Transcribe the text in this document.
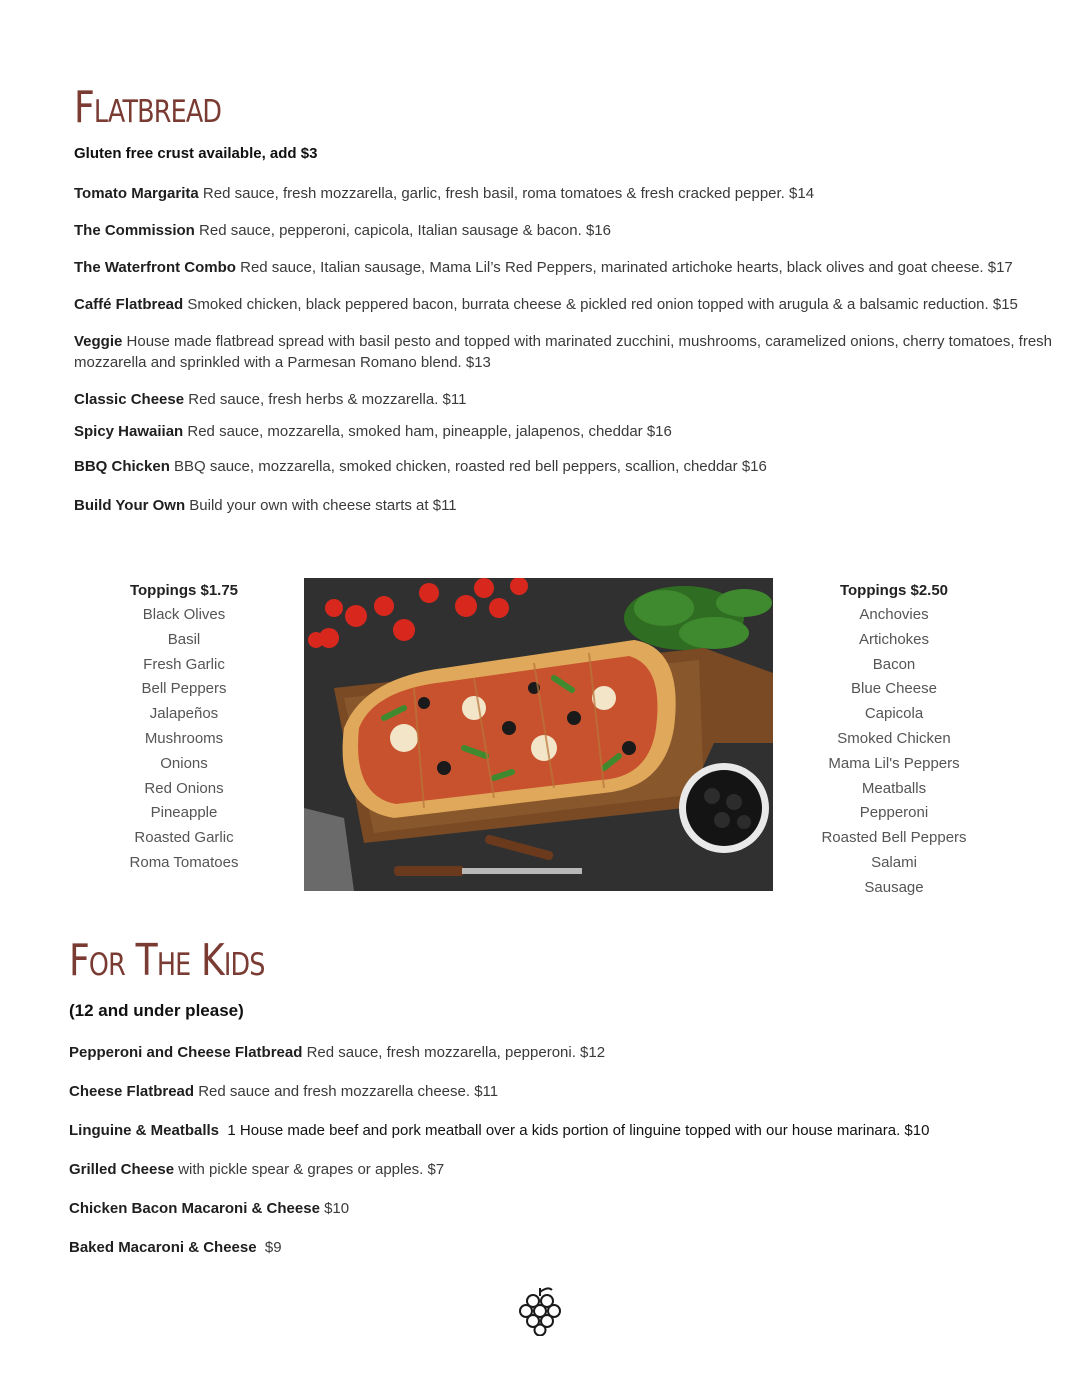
Flatbread

Gluten free crust available, add $3

Tomato Margarita Red sauce, fresh mozzarella, garlic, fresh basil, roma tomatoes & fresh cracked pepper. $14

The Commission Red sauce, pepperoni, capicola, Italian sausage & bacon. $16

The Waterfront Combo Red sauce, Italian sausage, Mama Lil’s Red Peppers, marinated artichoke hearts, black olives and goat cheese. $17

Caffé Flatbread Smoked chicken, black peppered bacon, burrata cheese & pickled red onion topped with arugula & a balsamic reduction. $15

Veggie House made flatbread spread with basil pesto and topped with marinated zucchini, mushrooms, caramelized onions, cherry tomatoes, fresh mozzarella and sprinkled with a Parmesan Romano blend. $13

Classic Cheese Red sauce, fresh herbs & mozzarella. $11

Spicy Hawaiian Red sauce, mozzarella, smoked ham, pineapple, jalapenos, cheddar $16

BBQ Chicken BBQ sauce, mozzarella, smoked chicken, roasted red bell peppers, scallion, cheddar $16

Build Your Own Build your own with cheese starts at $11

Toppings $1.75
Black Olives
Basil
Fresh Garlic
Bell Peppers
Jalapeños
Mushrooms
Onions
Red Onions
Pineapple
Roasted Garlic
Roma Tomatoes
Toppings $2.50
Anchovies
Artichokes
Bacon
Blue Cheese
Capicola
Smoked Chicken
Mama Lil's Peppers
Meatballs
Pepperoni
Roasted Bell Peppers
Salami
Sausage
For The Kids

(12 and under please)

Pepperoni and Cheese Flatbread Red sauce, fresh mozzarella, pepperoni. $12

Cheese Flatbread Red sauce and fresh mozzarella cheese. $11

Linguine & Meatballs  1 House made beef and pork meatball over a kids portion of linguine topped with our house marinara. $10

Grilled Cheese with pickle spear & grapes or apples. $7

Chicken Bacon Macaroni & Cheese $10

Baked Macaroni & Cheese  $9
